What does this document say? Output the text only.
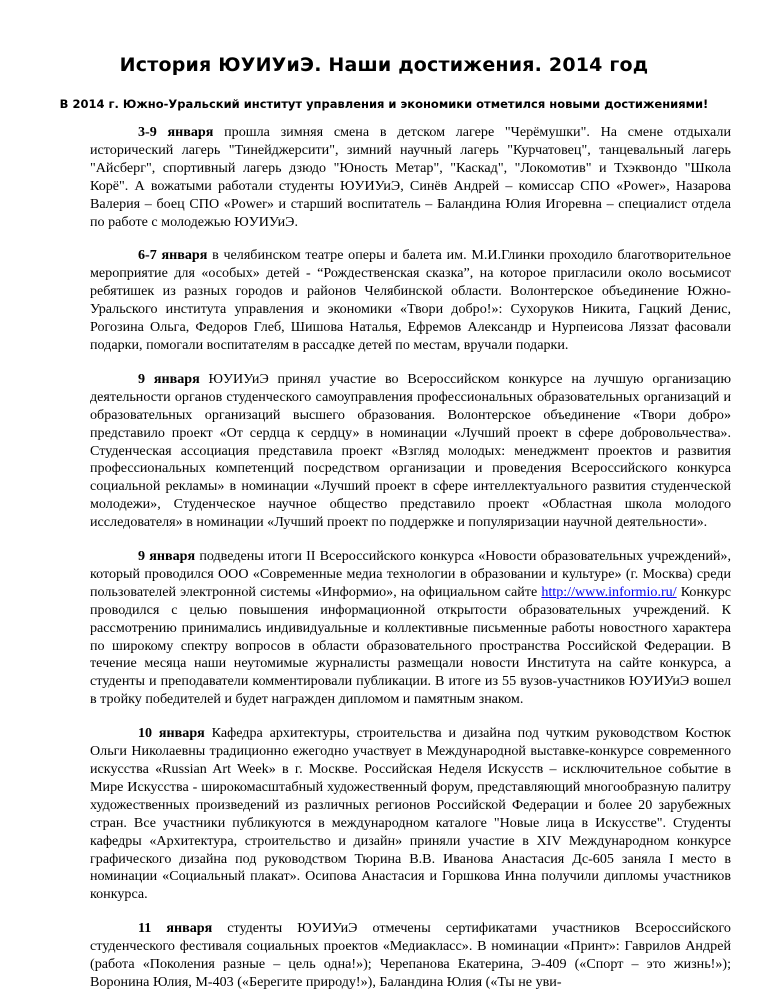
История ЮУИУиЭ. Наши достижения. 2014 год
В 2014 г. Южно-Уральский институт управления и экономики отметился новыми достижениями!

3-9 января прошла зимняя смена в детском лагере "Черёмушки". На смене отдыхали исторический лагерь "Тинейджерсити", зимний научный лагерь "Курчатовец", танцевальный лагерь "Айсберг", спортивный лагерь дзюдо "Юность Метар", "Каскад", "Локомотив" и Тхэквондо "Школа Корё". А вожатыми работали студенты ЮУИУиЭ, Синёв Андрей – комиссар СПО «Power», Назарова Валерия – боец СПО «Power» и старший воспитатель – Баландина Юлия Игоревна – специалист отдела по работе с молодежью ЮУИУиЭ.

6-7 января в челябинском театре оперы и балета им. М.И.Глинки проходило благотворительное мероприятие для «особых» детей - “Рождественская сказка”, на которое пригласили около восьмисот ребятишек из разных городов и районов Челябинской области. Волонтерское объединение Южно-Уральского института управления и экономики «Твори добро!»: Сухоруков Никита, Гацкий Денис, Рогозина Ольга, Федоров Глеб, Шишова Наталья, Ефремов Александр и Нурпеисова Ляззат фасовали подарки, помогали воспитателям в рассадке детей по местам, вручали подарки.

9 января ЮУИУиЭ принял участие во Всероссийском конкурсе на лучшую организацию деятельности органов студенческого самоуправления профессиональных образовательных организаций и образовательных организаций высшего образования. Волонтерское объединение «Твори добро» представило проект «От сердца к сердцу» в номинации «Лучший проект в сфере добровольчества». Студенческая ассоциация представила проект «Взгляд молодых: менеджмент проектов и развития профессиональных компетенций посредством организации и проведения Всероссийского конкурса социальной рекламы» в номинации «Лучший проект в сфере интеллектуального развития студенческой молодежи», Студенческое научное общество представило проект «Областная школа молодого исследователя» в номинации «Лучший проект по поддержке и популяризации научной деятельности».

9 января подведены итоги II Всероссийского конкурса «Новости образовательных учреждений», который проводился ООО «Современные медиа технологии в образовании и культуре» (г. Москва) среди пользователей электронной системы «Информио», на официальном сайте http://www.informio.ru/ Конкурс проводился с целью повышения информационной открытости образовательных учреждений. К рассмотрению принимались индивидуальные и коллективные письменные работы новостного характера по широкому спектру вопросов в области образовательного пространства Российской Федерации. В течение месяца наши неутомимые журналисты размещали новости Института на сайте конкурса, а студенты и преподаватели комментировали публикации. В итоге из 55 вузов-участников ЮУИУиЭ вошел в тройку победителей и будет награжден дипломом и памятным знаком.

10 января Кафедра архитектуры, строительства и дизайна под чутким руководством Костюк Ольги Николаевны традиционно ежегодно участвует в Международной выставке-конкурсе современного искусства «Russian Art Week» в г. Москве. Российская Неделя Искусств – исключительное событие в Мире Искусства - широкомасштабный художественный форум, представляющий многообразную палитру художественных произведений из различных регионов Российской Федерации и более 20 зарубежных стран. Все участники публикуются в международном каталоге "Новые лица в Искусстве". Студенты кафедры «Архитектура, строительство и дизайн» приняли участие в XIV Международном конкурсе графического дизайна под руководством Тюрина В.В. Иванова Анастасия Дс-605 заняла I место в номинации «Социальный плакат». Осипова Анастасия и Горшкова Инна получили дипломы участников конкурса.

11 января студенты ЮУИУиЭ отмечены сертификатами участников Всероссийского студенческого фестиваля социальных проектов «Медиакласс». В номинации «Принт»: Гаврилов Андрей (работа «Поколения разные – цель одна!»); Черепанова Екатерина, Э-409 («Спорт – это жизнь!»); Воронина Юлия, М-403 («Берегите природу!»), Баландина Юлия («Ты не уви-
